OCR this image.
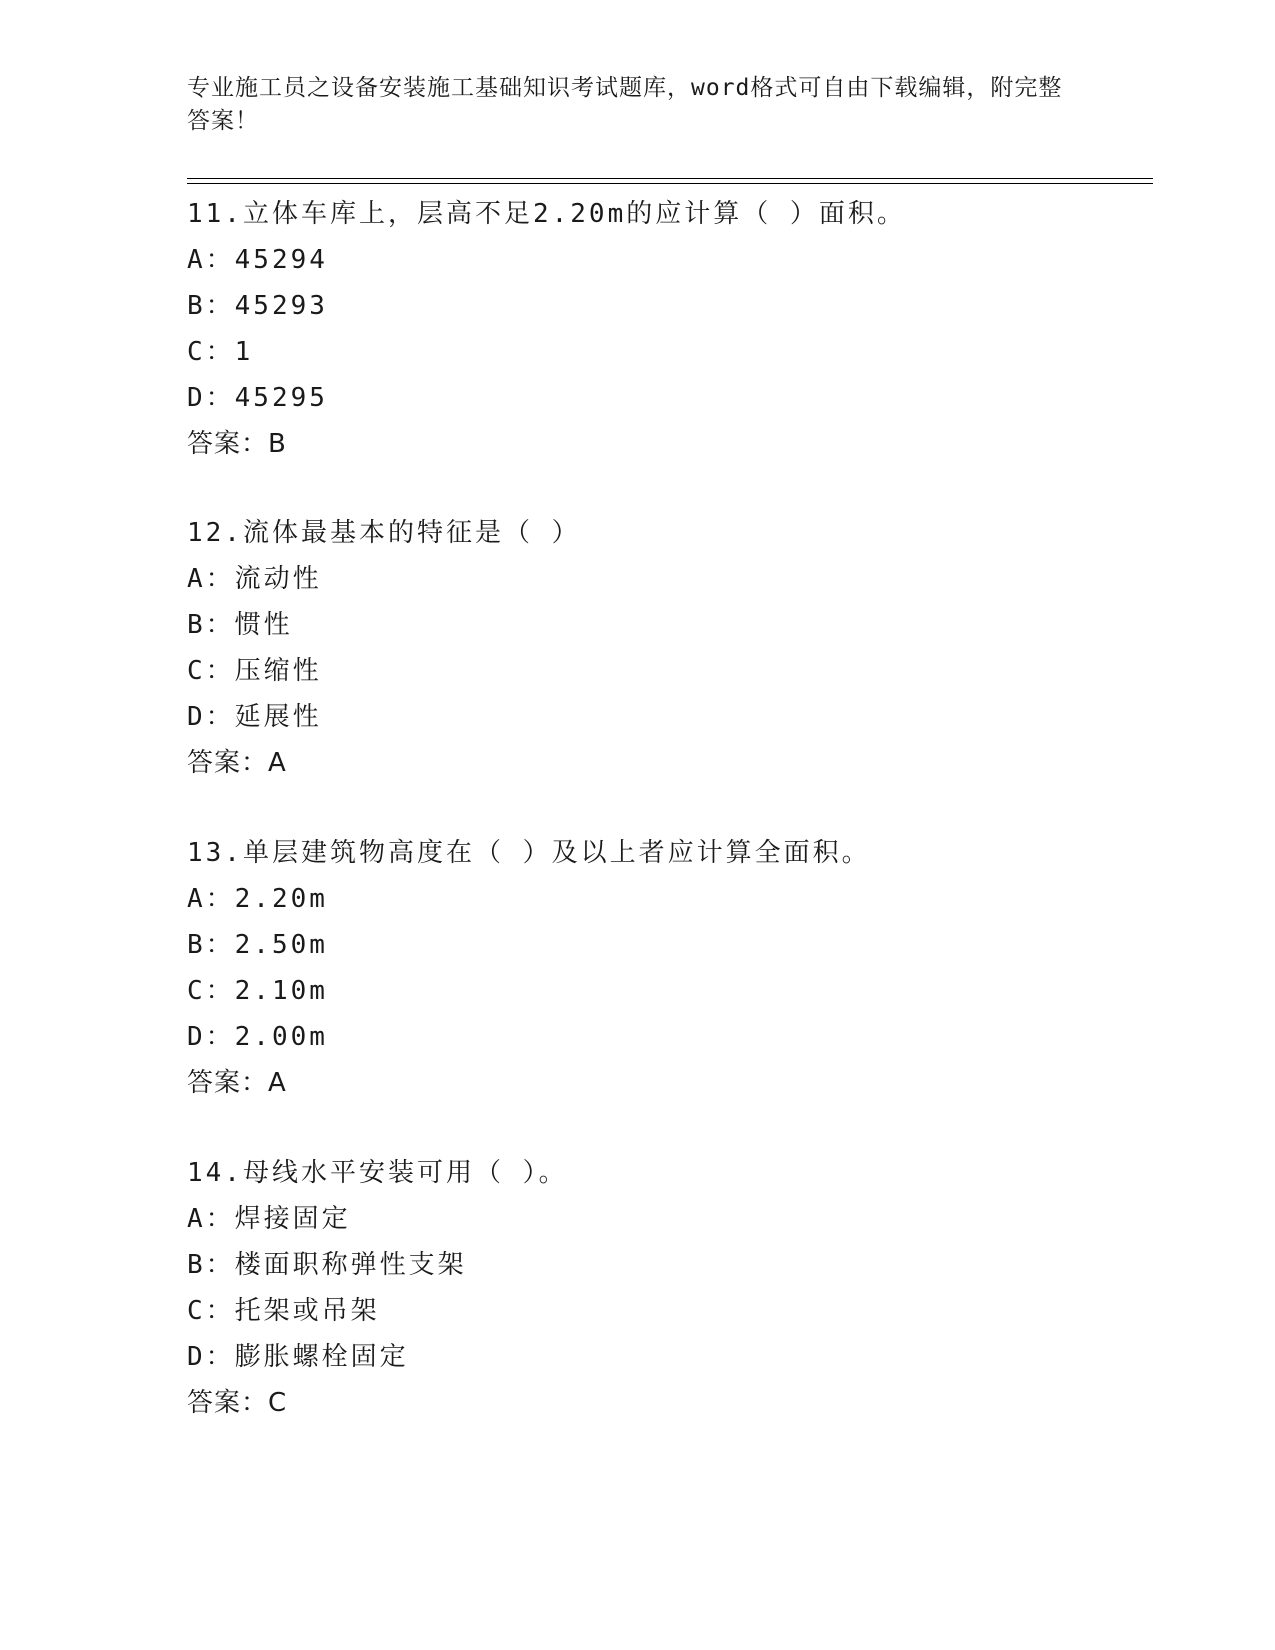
专业施工员之设备安装施工基础知识考试题库，word格式可自由下载编辑，附完整答案！
11.立体车库上，层高不足2.20m的应计算（ ）面积。
A：45294
B：45293
C：1
D：45295
答案：B
12.流体最基本的特征是（ ）
A：流动性
B：惯性
C：压缩性
D：延展性
答案：A
13.单层建筑物高度在（ ）及以上者应计算全面积。
A：2.20m
B：2.50m
C：2.10m
D：2.00m
答案：A
14.母线水平安装可用（ ）。
A：焊接固定
B：楼面职称弹性支架
C：托架或吊架
D：膨胀螺栓固定
答案：C
